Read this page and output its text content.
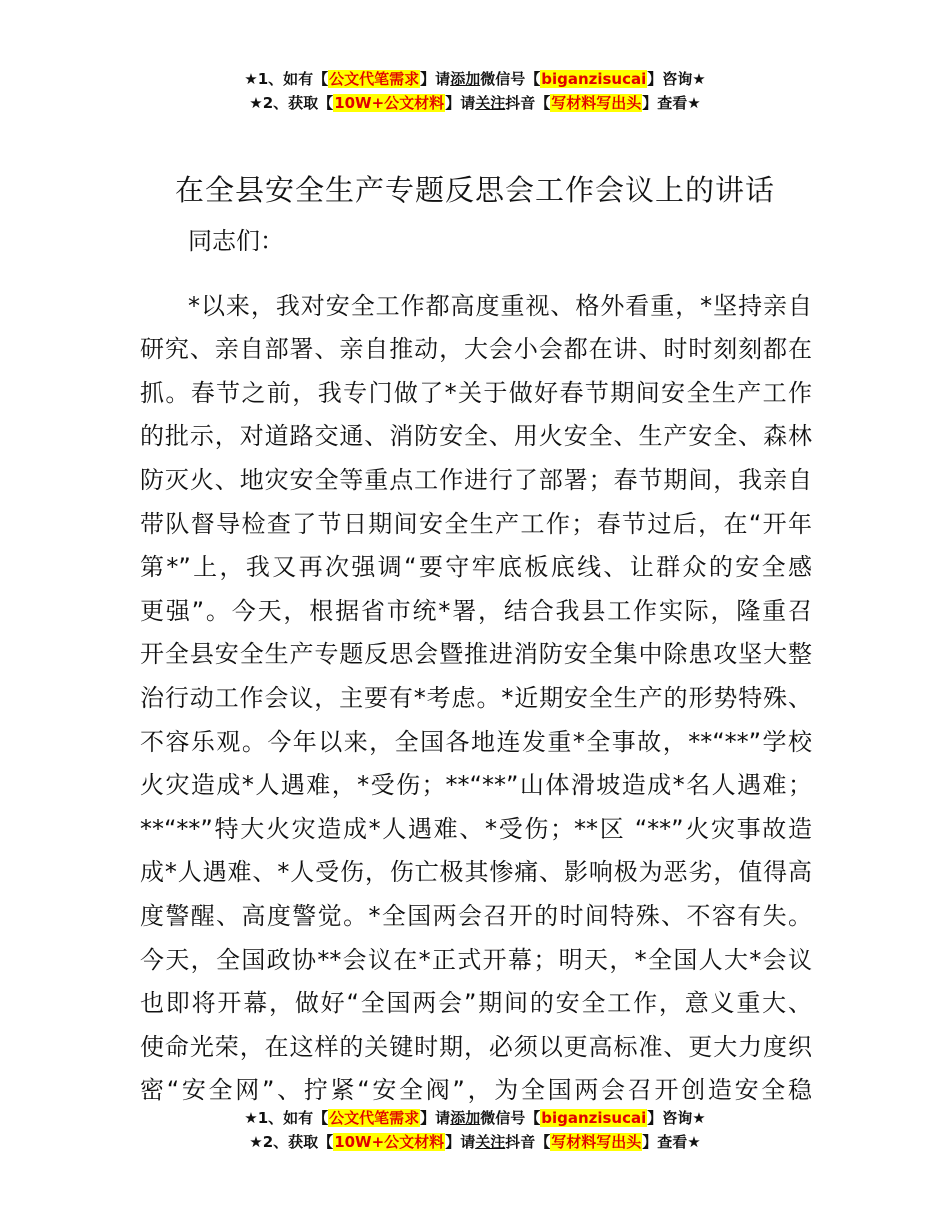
★1、如有【公文代笔需求】请添加微信号【biganzisucai】咨询★
★2、获取【10W+公文材料】请关注抖音【写材料写出头】查看★
在全县安全生产专题反思会工作会议上的讲话

同志们：

*以来，我对安全工作都高度重视、格外看重，*坚持亲自
研究、亲自部署、亲自推动，大会小会都在讲、时时刻刻都在
抓。春节之前，我专门做了*关于做好春节期间安全生产工作
的批示，对道路交通、消防安全、用火安全、生产安全、森林
防灭火、地灾安全等重点工作进行了部署；春节期间，我亲自
带队督导检查了节日期间安全生产工作；春节过后，在“开年
第*”上，我又再次强调“要守牢底板底线、让群众的安全感
更强”。今天，根据省市统*署，结合我县工作实际，隆重召
开全县安全生产专题反思会暨推进消防安全集中除患攻坚大整
治行动工作会议，主要有*考虑。*近期安全生产的形势特殊、
不容乐观。今年以来，全国各地连发重*全事故，**“**”学校
火灾造成*人遇难，*受伤；**“**”山体滑坡造成*名人遇难；
**“**”特大火灾造成*人遇难、*受伤；**区 “**”火灾事故造
成*人遇难、*人受伤，伤亡极其惨痛、影响极为恶劣，值得高
度警醒、高度警觉。*全国两会召开的时间特殊、不容有失。
今天，全国政协**会议在*正式开幕；明天，*全国人大*会议
也即将开幕，做好“全国两会”期间的安全工作，意义重大、
使命光荣，在这样的关键时期，必须以更高标准、更大力度织
密“安全网”、拧紧“安全阀”，为全国两会召开创造安全稳
★1、如有【公文代笔需求】请添加微信号【biganzisucai】咨询★
★2、获取【10W+公文材料】请关注抖音【写材料写出头】查看★
